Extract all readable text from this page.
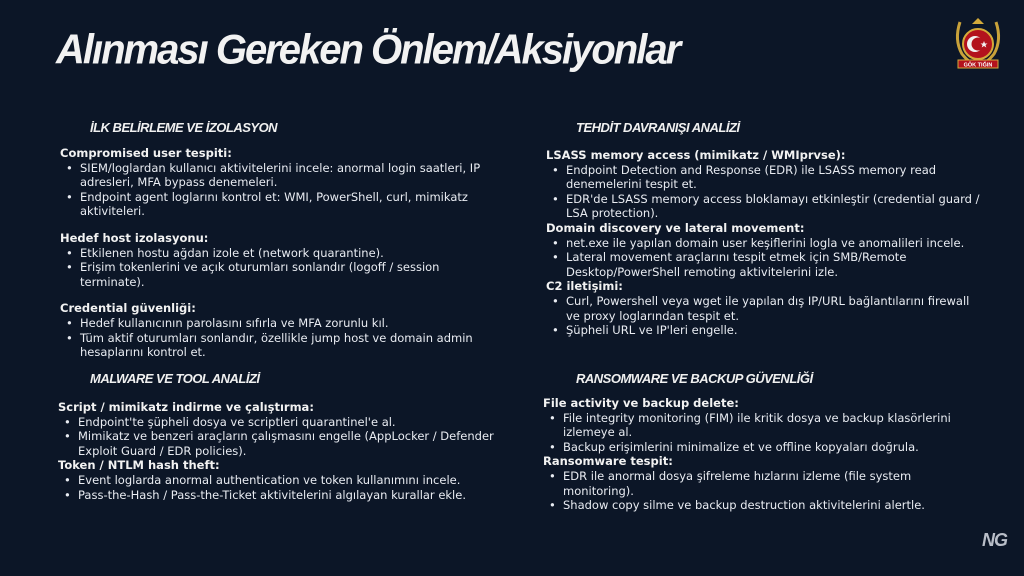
Alınması Gereken Önlem/Aksiyonlar	GÖK TIĞIN
İLK BELİRLEME VE İZOLASYON
Compromised user tespiti:
• SIEM/loglardan kullanıcı aktivitelerini incele: anormal login saatleri, IP adresleri, MFA bypass denemeleri.
• Endpoint agent loglarını kontrol et: WMI, PowerShell, curl, mimikatz aktiviteleri.
Hedef host izolasyonu:
• Etkilenen hostu ağdan izole et (network quarantine).
• Erişim tokenlerini ve açık oturumları sonlandır (logoff / session terminate).
Credential güvenliği:
• Hedef kullanıcının parolasını sıfırla ve MFA zorunlu kıl.
• Tüm aktif oturumları sonlandır, özellikle jump host ve domain admin hesaplarını kontrol et.
TEHDİT DAVRANIŞI ANALİZİ
LSASS memory access (mimikatz / WMIprvse):
• Endpoint Detection and Response (EDR) ile LSASS memory read denemelerini tespit et.
• EDR'de LSASS memory access bloklamayı etkinleştir (credential guard / LSA protection).
Domain discovery ve lateral movement:
• net.exe ile yapılan domain user keşiflerini logla ve anomalileri incele.
• Lateral movement araçlarını tespit etmek için SMB/Remote Desktop/PowerShell remoting aktivitelerini izle.
C2 iletişimi:
• Curl, Powershell veya wget ile yapılan dış IP/URL bağlantılarını firewall ve proxy loglarından tespit et.
• Şüpheli URL ve IP'leri engelle.
MALWARE VE TOOL ANALİZİ
Script / mimikatz indirme ve çalıştırma:
• Endpoint'te şüpheli dosya ve scriptleri quarantinel'e al.
• Mimikatz ve benzeri araçların çalışmasını engelle (AppLocker / Defender Exploit Guard / EDR policies).
Token / NTLM hash theft:
• Event loglarda anormal authentication ve token kullanımını incele.
• Pass-the-Hash / Pass-the-Ticket aktivitelerini algılayan kurallar ekle.
RANSOMWARE VE BACKUP GÜVENLİĞİ
File activity ve backup delete:
• File integrity monitoring (FIM) ile kritik dosya ve backup klasörlerini izlemeye al.
• Backup erişimlerini minimalize et ve offline kopyaları doğrula.
Ransomware tespit:
• EDR ile anormal dosya şifreleme hızlarını izleme (file system monitoring).
• Shadow copy silme ve backup destruction aktivitelerini alertle.
NG
